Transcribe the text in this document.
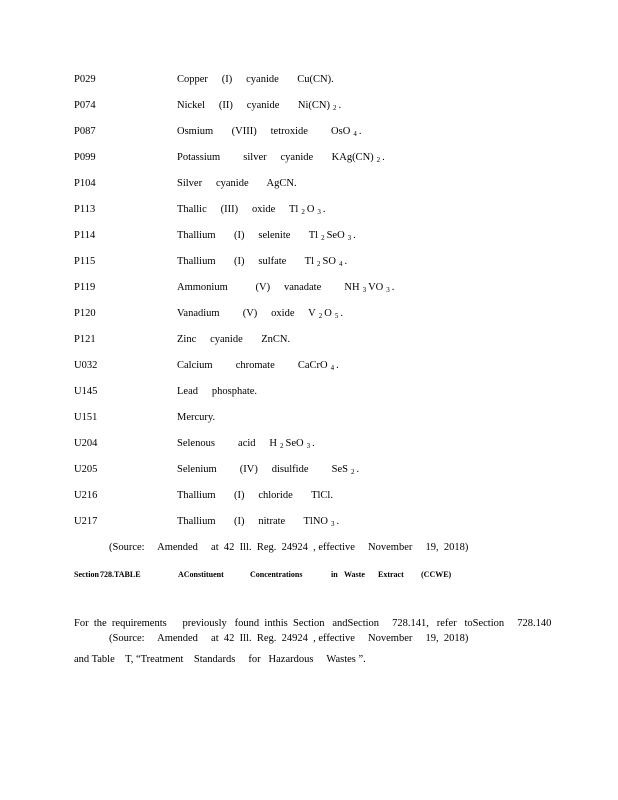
P029	Copper   (I)   cyanide    Cu(CN).
P074	Nickel   (II)   cyanide    Ni(CN) $_2$ .
P087	Osmium    (VIII)   tetroxide     OsO $_4$ .
P099	Potassium     silver   cyanide    KAg(CN) $_2$ .
P104	Silver   cyanide    AgCN.
P113	Thallic   (III)   oxide   Tl $_2$ O $_3$ .
P114	Thallium    (I)   selenite    Tl $_2$ SeO $_3$ .
P115	Thallium    (I)   sulfate    Tl $_2$ SO $_4$ .
P119	Ammonium      (V)   vanadate     NH $_3$ VO $_3$ .
P120	Vanadium     (V)   oxide   V $_2$ O $_5$ .
P121	Zinc   cyanide    ZnCN.
U032	Calcium     chromate     CaCrO $_4$ .
U145	Lead   phosphate.
U151	Mercury.
U204	Selenous     acid   H $_2$ SeO $_3$ .
U205	Selenium     (IV)   disulfide     SeS $_2$ .
U216	Thallium    (I)   chloride    TlCl.
U217	Thallium    (I)   nitrate    TlNO $_3$ .
(Source:     Amended     at  42  Ill.  Reg.  24924  , effective     November     19,  2018)

Section

728.TABLE

	AConstituent

	Concentrations

	in

Waste

Extract

(CCWE)

For  the  requirements      previously   found  inthis  Section   andSection     728.141,   refer   toSection     728.140

and Table    T, “Treatment    Standards     for   Hazardous     Wastes ”.

(Source:     Amended     at  42  Ill.  Reg.  24924  , effective     November     19,  2018)
